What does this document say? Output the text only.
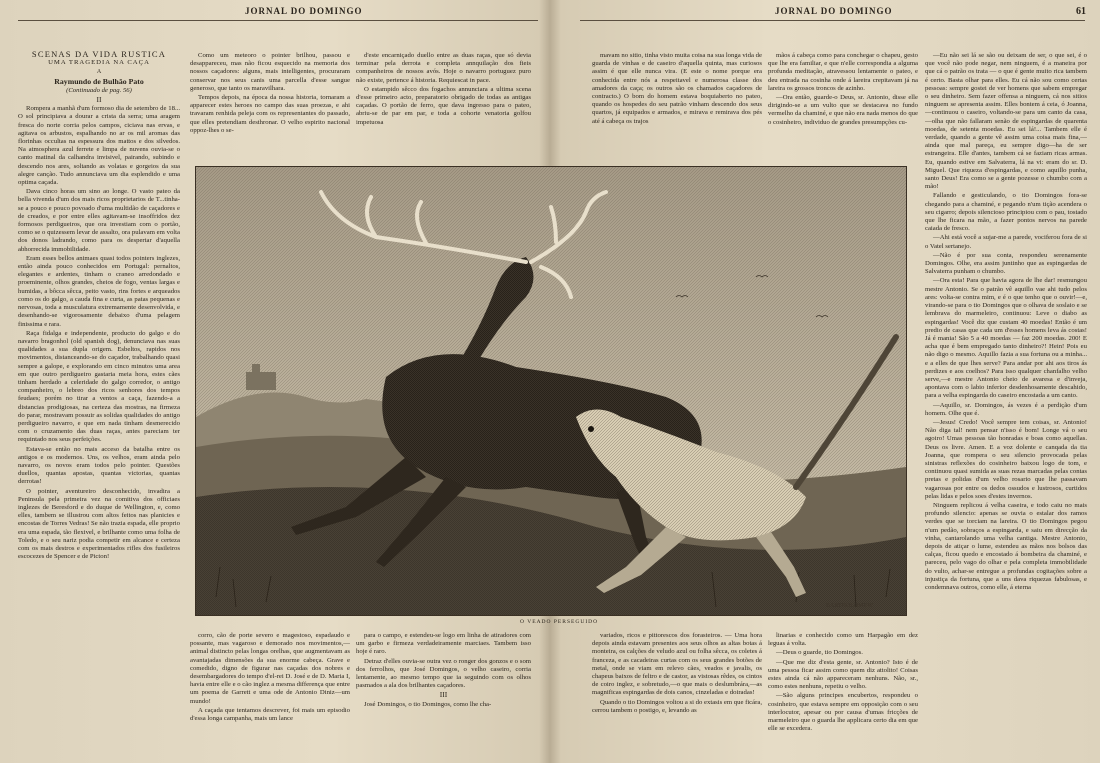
JORNAL DO DOMINGO	JORNAL DO DOMINGO	61

SCENAS DA VIDA RUSTICA

UMA TRAGEDIA NA CAÇA

A

Raymundo de Bulhão Pato

(Continuado de pag. 56)

II

Rompera a manhã d'um formoso dia de setembro de 18... O sol principiava a dourar a crista da serra; uma aragem fresca do norte corria pelos campos, ciciava nas ervas, e agitava os arbustos, espalhando no ar os mil aromas das florinhas occultas na espessura dos mattos e dos silvedos. Na atmosphera azul ferrete e limpa de nuvens ouvia-se o canto matinal da calhandra invisivel, pairando, subindo e descendo nos ares, soltando as volatas e gorgeios da sua alegre canção. Tudo annunciava um dia esplendido e uma optima caçada.

Dava cinco horas um sino ao longe. O vasto pateo da bella vivenda d'um dos mais ricos proprietarios de T...tinha-se a pouco e pouco povoado d'uma multidão de caçadores e de creados, e por entre elles agitavam-se insoffridos dez formosos perdigueiros, que ora investiam com o portão, como se o quizessem levar de assalto, ora pulavam em volta dos donos ladrando, como para os despertar d'aquella abhorrecida immobilidade.

Eram esses bellos animaes quasi todos pointers inglezes, então ainda pouco conhecidos em Portugal: pernaltos, elegantes e ardentes, tinham o craneo arredondado e proeminente, olhos grandes, cheios de fogo, ventas largas e humidas, a bôcca sêcca, peito vasto, rins fortes e arqueados como os do galgo, a cauda fina e curta, as patas pequenas e nervosas, toda a musculatura extremamente desenvolvida, e desenhando-se vigorosamente debaixo d'uma pelagem finissima e rara.

Raça fidalga e independente, producto do galgo e do navarro bragonhol (old spanish dog), denunciava nas suas qualidades a sua dupla origem. Esbeltos, rapidos nos movimentos, distanceando-se do caçador, trabalhando quasi sempre a galope, e explorando em cinco minutos uma area em que outro perdigueiro gastaria meia hora, estes cães tinham herdado a celeridade do galgo corredor, o antigo companheiro, o lebreo dos ricos senhores dos tempos feudaes; porém no tirar a ventos a caça, fazendo-a a distancias prodigiosas, na certeza das mostras, na firmeza do parar, mostravam possuir as solidas qualidades do antigo perdigueiro navarro, e que em nada tinham desmerecido com o cruzamento das duas raças, antes pareciam ter requintado nos seus perfeições.

Estava-se então no mais acceso da batalha entre os antigos e os modernos. Uns, os velhos, eram ainda pelo navarro, os novos eram todos pelo pointer. Questões duellos, quantas apostas, quantas victorias, quantas derrotas!

O pointer, aventureiro desconhecido, invadira a Peninsula pela primeira vez na comitiva dos officiaes inglezes de Beresford e do duque de Wellington, e, como elles, tambem se illustrou com altos feitos nas planicies e encostas de Torres Vedras! Se não trazia espada, elle proprio era uma espada, tão flexivel, e brilhante como uma folha de Toledo, e o seu nariz podia competir em alcance e certeza com os mais destros e experimentados rifles dos fusileiros escocezes de Spencer e de Picton!

Como um meteoro o pointer brilhou, passou e desappareceu, mas não ficou esquecido na memoria dos nossos caçadores: alguns, mais intelligentes, procuraram conservar nos seus canis uma parcella d'esse sangue generoso, que tanto os maravilhara.

Tempos depois, na época da nossa historia, tornaram a apparecer estes heroes no campo das suas proezas, e ahi travaram renhida peleja com os representantes do passado, que elles pretendiam desthronar. O velho espirito nacional oppoz-lhes o se-

d'este encarniçado duello entre as duas raças, que só devia terminar pela derrota e completa annquilação dos fieis companheiros de nossos avós. Hoje o navarro portuguez puro não existe, pertence á historia. Requiescat in pace.

O estampido sêcco dos fogachos annunciara a ultima scena d'esse primeiro acto, preparatorio obrigado de todas as antigas caçadas. O portão de ferro, que dava ingresso para o pateo, abriu-se de par em par, e toda a cohorte venatoria golfou impetuosa

mavam no sitio, tinha visto muita coisa na sua longa vida de guarda de vinhas e de caseiro d'aquella quinta, mas curiosos assim é que elle nunca vira. (E este o nome porque era conhecida entre nós a respeitavel e numerosa classe dos amadores da caça; os outros são os chamados caçadores de contracto.) O bom do homem estava boquiaberto no pateo, quando os hospedes do seu patrão vinham descendo dos seus quartos, já equipados e armados, e mirava e remirava dos pés até á cabeça os trajos

mãos á cabeça como para conchegar o chapeu, gesto que lhe era familiar, e que n'elle correspondia a alguma profunda meditação, atravessou lentamente o pateo, e deu entrada na cosinha onde á lareira crepitavam já na lareira os grossos troncos de azinho.

—Ora então, guarde-o Deus, sr. Antonio, disse elle dirigindo-se a um vulto que se destacava no fundo vermelho da chaminé, e que não era nada menos do que o cosinheiro, individuo de grandes presumpções cu-

—Eu não sei lá se são ou deixam de ser, o que sei, é o que você não pode negar, nem ninguem, é a maneira por que cá o patrão os trata — o que é gente muito rica tambem é certo. Basta olhar para elles. Eu cá não sou como certas pessoas: sempre gostei de ver homens que sabem empregar o seu dinheiro. Sem fazer offensa a ninguem, cá nos sitios ninguem se apresenta assim. Elles bontem á ceia, ó Joanna,—continuou o caseiro, voltando-se para um canto da casa,—olha que não fallaram senão de espingardas de quarenta moedas, de setenta moedas. Eu sei lá!... Tambem elle é verdade, quando a gente vê assim uma coisa mais fina,—ainda que mal pareça, eu sempre digo—ha de ser estrangeira. Elle d'antes, tambem cá se faziam ricas armas. Eu, quando estive em Salvaterra, lá na vi: eram do sr. D. Miguel. Que riqueza d'espingardas, e como aquillo punha, santo Deus! Era como se a gente pozesse o chumbo com a mão!

Fallando e gesticulando, o tio Domingos fora-se chegando para a chaminé, e pegando n'um tição acendera o seu cigarro; depois silencioso principiou com o pau, tostado que lhe ficara na mão, a fazer pontos nervos na parede caiada de fresco.

—Ahi está você a sujar-me a parede, vociferou fora de si o Vatel sertanejo.

—Não é por sua conta, respondeu serenamente Domingos. Olhe, era assim juntinho que as espingardas de Salvaterra punham o chumbo.

—Ora esta! Para que havia agora de lhe dar! resmungou mestre Antonio. Se o patrão vê aquillo vae ahi tudo pelos ares: volta-se contra mim, e é o que tenho que o ouvir!—e, virando-se para o tio Domingos que o olhava de soslaio e se lembrava do marmeleiro, continuou: Leve o diabo as espingardas! Você diz que custam 40 moedas! Então é um predio de casas que cada um d'esses homens leva ás costas! Já é mania! São 5 a 40 moedas — faz 200 moedas. 200! E acha que é bem empregado tanto dinheiro?! Hein! Pois eu não digo o mesmo. Aquillo fazia a sua fortuna ou a minha... e a elles de que lhes serve? Para andar por ahi aos tiros ás perdizes e aos coelhos? Para isso qualquer chanfalho velho serve,—e mestre Antonio cheio de avaresa e d'inveja, apontava com o labio inferior desdenhosamente descahido, para a velha espingarda do caseiro encostada a um canto.

—Aquillo, sr. Domingos, ás vezes é a perdição d'um homem. Olhe que é.

—Jesus! Credo! Você sempre tem coisas, sr. Antonio! Não diga tal! nem pensar n'isso é bom! Longe vá o seu agoiro! Umas pessoas tão honradas e boas como aquellas. Deus os livre. Amen. E a voz dolente e canqada da tia Joanna, que rompera o seu silencio provocada pelas sinistras reflexões do cosinheiro baixou logo de tom, e continuou quasi sumida as suas rezas marcadas pelas contas pretas e polidas d'um velho rosario que lhe passavam vagarosas por entre os dedos ossudos e lustrosos, curtidos pelas lidas e pelos soes d'estes invernos.

Ninguem replicou á velha caseira, e todo caiu no mais profundo silencio: apenas se ouvia o estalar dos ramos verdes que se torciam na lareira. O tio Domingos pegou n'um pedão, sobraços a espingarda, e saiu em direcção da vinha, cantarolando uma velha cantiga. Mestre Antonio, depois de atiçar o lume, estendeu as mãos nos bolsos das calças, ficou quedo e encostado á bombeira da chaminé, e pareceu, pelo vago do olhar e pela completa immobilidade do vulto, achar-se entregue a profundas cogitações sobre a injustiça da fortuna, que a uns dava riquezas fabulosas, e condemnava outros, como elle, á eterna

BARTHOLOMEW
O VEADO PERSEGUIDO

corro, cão de porte severo e magestoso, espadaudo e possante, mas vagaroso e demorado nos movimentos,— animal distincto pelas longas orelhas, que augmentavam as avantajadas dimensões da sua enorme cabeça. Grave e comedido, digno de figurar nas caçadas dos nobres e desembargadores do tempo d'el-rei D. José e de D. Maria I, havia entre elle e o cão inglez a mesma differença que entre um poema de Garrett e uma ode de Antonio Diniz—um mundo!

A caçada que tentamos descrever, foi mais um episodio d'essa longa campanha, mais um lance

para o campo, e estendeu-se logo em linha de atiradores com um garbo e firmeza verdadeiramente marciaes. Tambem isso hoje é raro.

Detraz d'elles ouvia-se outra vez o ronger dos gonzos e o som dos ferrolhos, que José Domingos, o velho caseiro, corria lentamente, ao mesmo tempo que ia seguindo com os olhos pasmados a ala dos brilhantes caçadores.

III

José Domingos, o tio Domingos, como lhe cha-

variados, ricos e pittorescos dos forasteiros. — Uma hora depois ainda estavam presentes aos seus olhos as altas botas á monteira, os calções de veludo azul ou folha sêcca, os coletes á franceza, e as cacadeiras curtas com os seus grandes botões de metal, onde se viam em relevo cães, veados e javalis, os chapeus baixos de feltro e de castor, as vistosas rêdes, os cintos de coiro inglez, e sobretudo,—o que mais o deslumbrára,—as magnificas espingardas de dois canos, cinzeladas e doiradas!

Quando o tio Domingos voltou a si do extasis em que ficára, cerrou tambem o postigo, e, levando as

linarias e conhecido como um Harpagão em dez leguas á volta.

—Deus o guarde, tio Domingos.

—Que me diz d'esta gente, sr. Antonio? Isto é de uma pessoa ficar assim como quem diz attolito! Coisas estes ainda cá não appareceram nenhuns. Não, sr., como estes nenhuns, repetiu o velho.

—São alguns principes encubertos, respondeu o cosinheiro, que estava sempre em opposição com o seu interlocutor, apesar ou por causa d'umas fricções de marmeleiro que o guarda lhe applicara certo dia em que elle se excedera.
